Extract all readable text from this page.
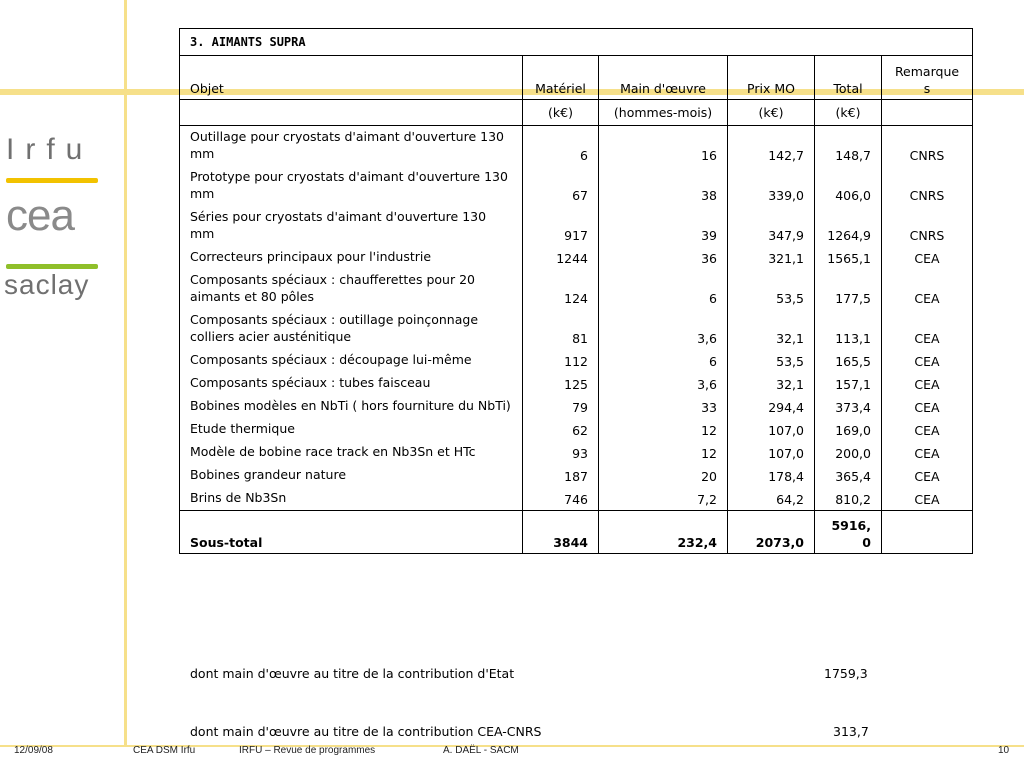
Irfu
cea
saclay
3. AIMANTS SUPRA					
Objet	Matériel	Main d'œuvre	Prix MO	Total	Remarques
	(k€)	(hommes-mois)	(k€)	(k€)	
Outillage pour cryostats d'aimant d'ouverture 130 mm	6	16	142,7	148,7	CNRS
Prototype pour cryostats d'aimant d'ouverture 130 mm	67	38	339,0	406,0	CNRS
Séries pour cryostats d'aimant d'ouverture 130 mm	917	39	347,9	1264,9	CNRS
Correcteurs principaux pour l'industrie	1244	36	321,1	1565,1	CEA
Composants spéciaux : chaufferettes pour 20 aimants et 80 pôles	124	6	53,5	177,5	CEA
Composants spéciaux : outillage poinçonnage colliers acier austénitique	81	3,6	32,1	113,1	CEA
Composants spéciaux : découpage lui-même	112	6	53,5	165,5	CEA
Composants spéciaux : tubes faisceau	125	3,6	32,1	157,1	CEA
Bobines modèles en NbTi ( hors fourniture du NbTi)	79	33	294,4	373,4	CEA
Etude thermique	62	12	107,0	169,0	CEA
Modèle de bobine race track en Nb3Sn et HTc	93	12	107,0	200,0	CEA
Bobines grandeur nature	187	20	178,4	365,4	CEA
Brins de Nb3Sn	746	7,2	64,2	810,2	CEA
Sous-total	3844	232,4	2073,0	5916,0	
dont main d'œuvre au titre de la contribution d'Etat	1759,3
dont main d'œuvre au titre de la contribution CEA-CNRS	313,7
12/09/08	CEA DSM Irfu	IRFU – Revue de programmes	A. DAËL - SACM	10
